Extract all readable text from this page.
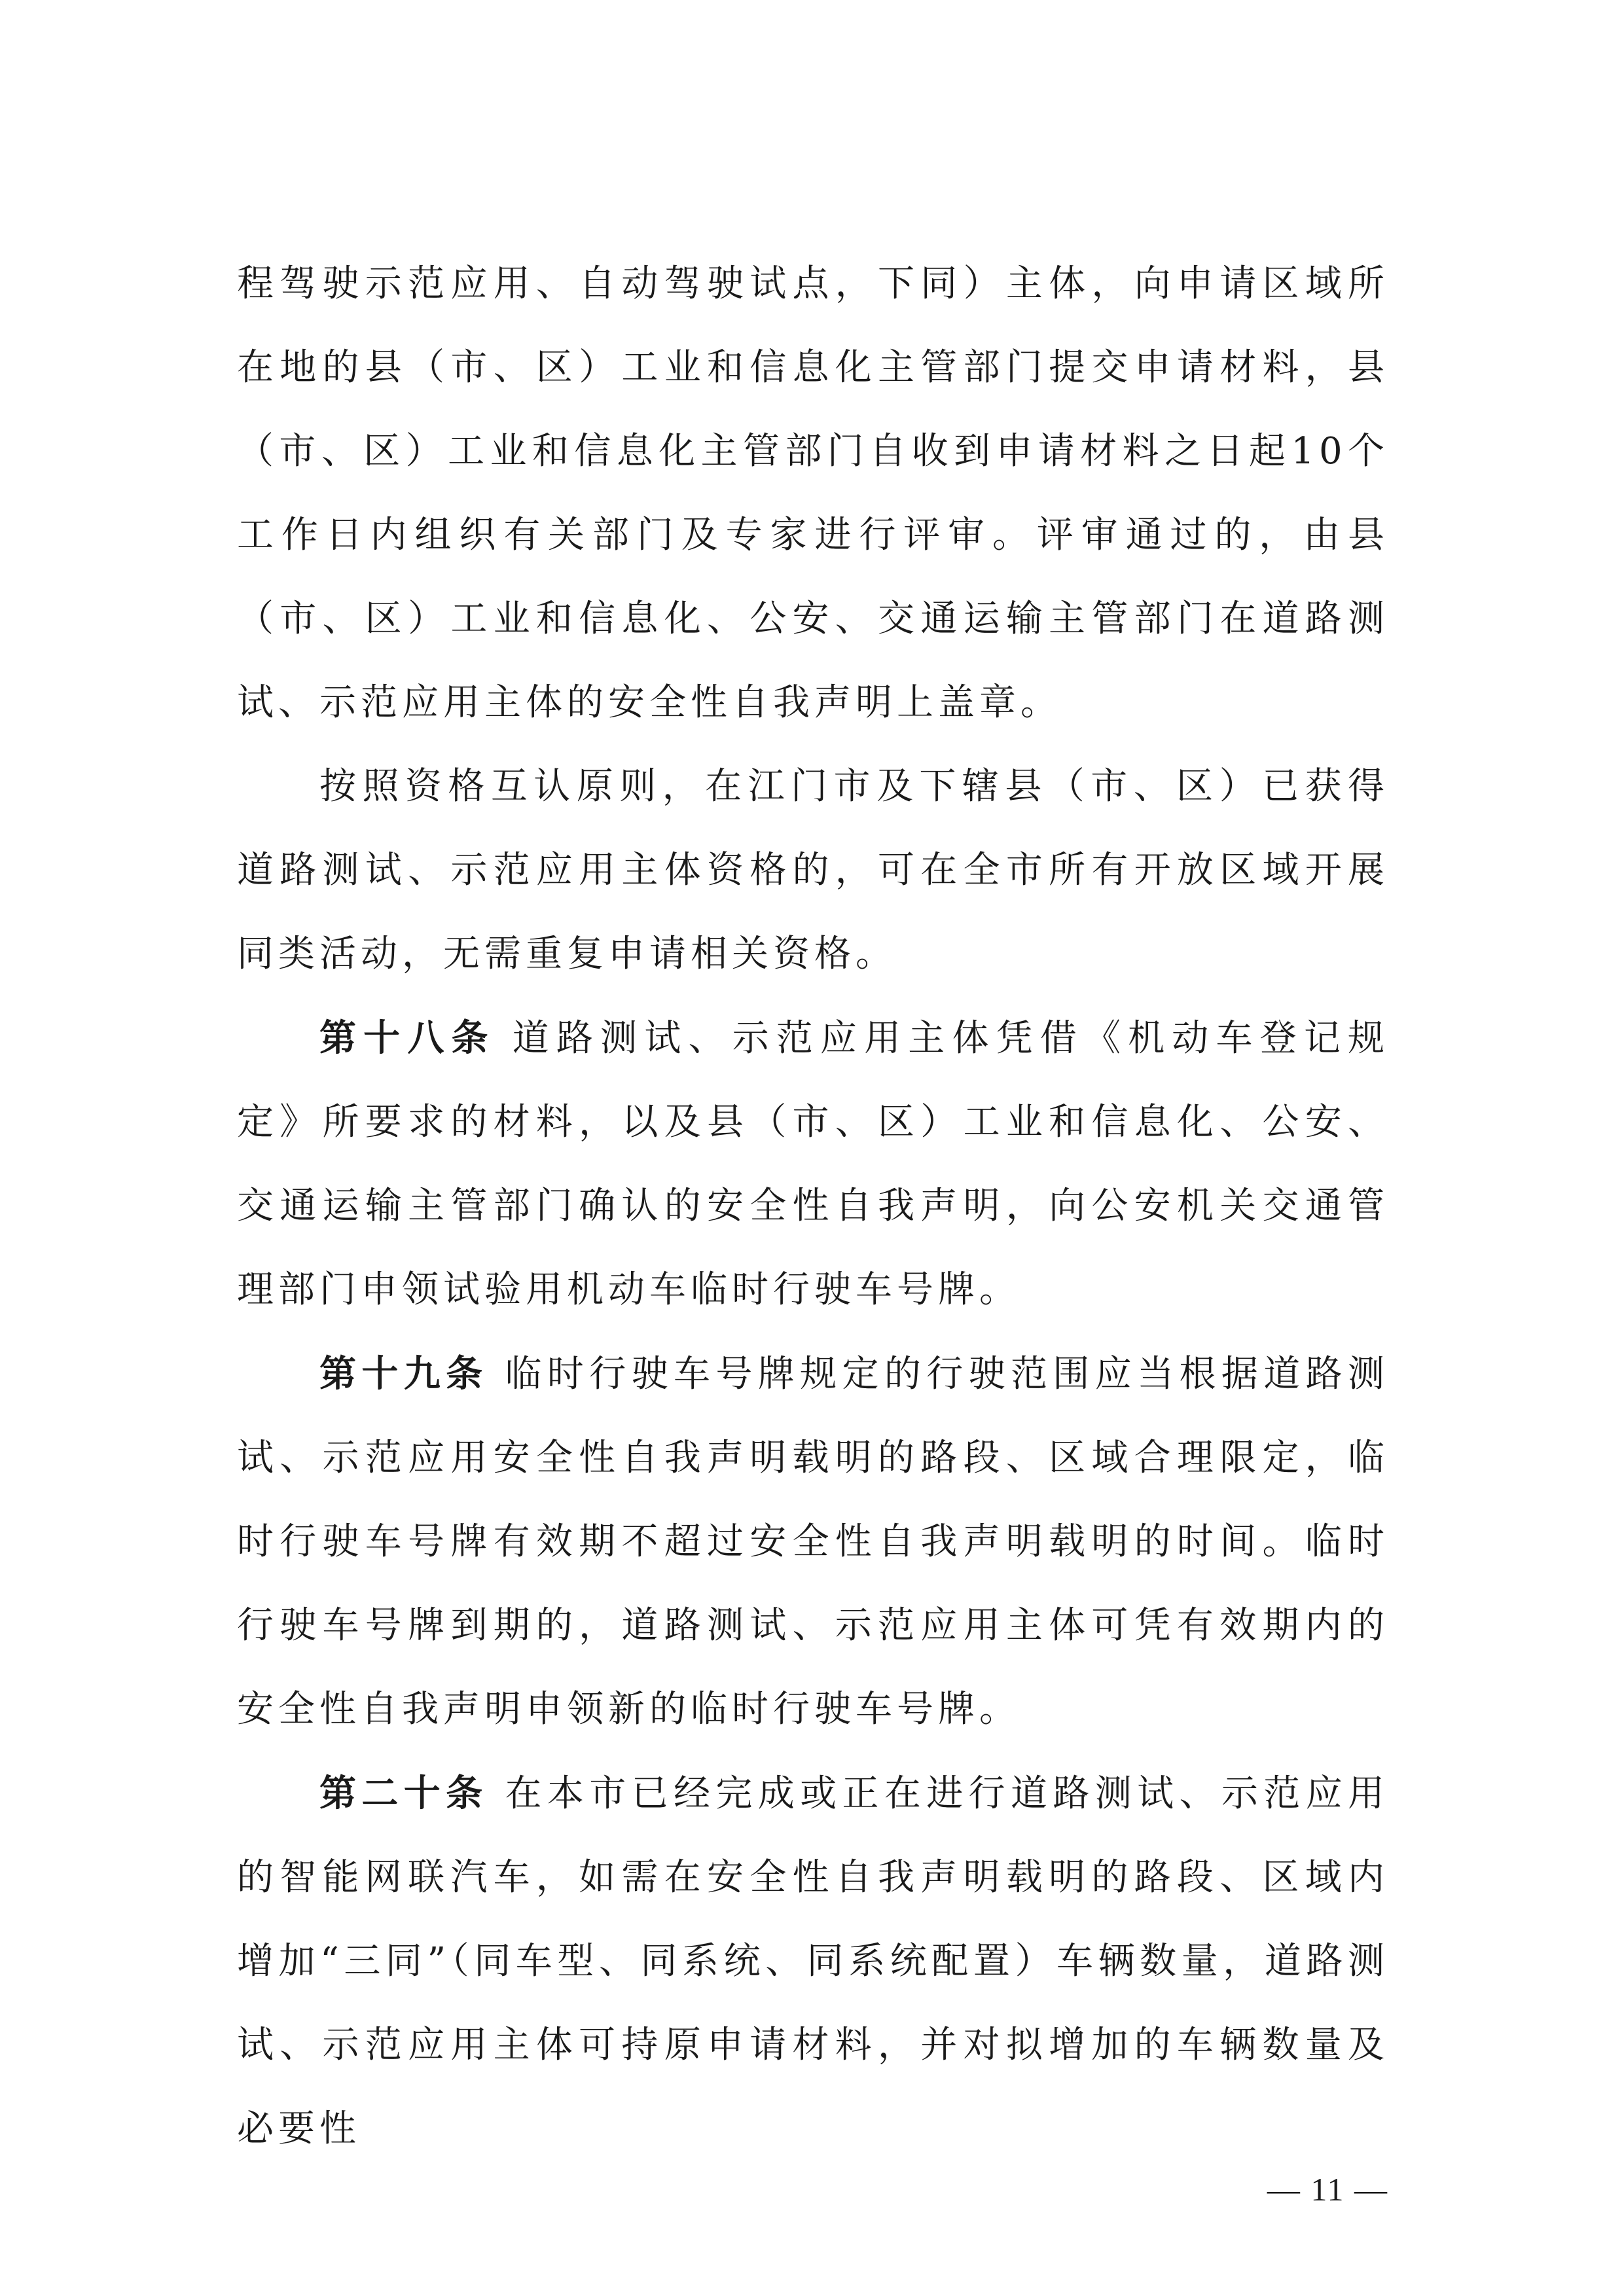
程驾驶示范应用、自动驾驶试点，下同）主体，向申请区域所在地的县（市、区）工业和信息化主管部门提交申请材料，县（市、区）工业和信息化主管部门自收到申请材料之日起10个工作日内组织有关部门及专家进行评审。评审通过的，由县（市、区）工业和信息化、公安、交通运输主管部门在道路测试、示范应用主体的安全性自我声明上盖章。

按照资格互认原则，在江门市及下辖县（市、区）已获得道路测试、示范应用主体资格的，可在全市所有开放区域开展同类活动，无需重复申请相关资格。

第十八条 道路测试、示范应用主体凭借《机动车登记规定》所要求的材料，以及县（市、区）工业和信息化、公安、交通运输主管部门确认的安全性自我声明，向公安机关交通管理部门申领试验用机动车临时行驶车号牌。

第十九条 临时行驶车号牌规定的行驶范围应当根据道路测试、示范应用安全性自我声明载明的路段、区域合理限定，临时行驶车号牌有效期不超过安全性自我声明载明的时间。临时行驶车号牌到期的，道路测试、示范应用主体可凭有效期内的安全性自我声明申领新的临时行驶车号牌。

第二十条 在本市已经完成或正在进行道路测试、示范应用的智能网联汽车，如需在安全性自我声明载明的路段、区域内增加“三同”（同车型、同系统、同系统配置）车辆数量，道路测试、示范应用主体可持原申请材料，并对拟增加的车辆数量及必要性

— 11 —
